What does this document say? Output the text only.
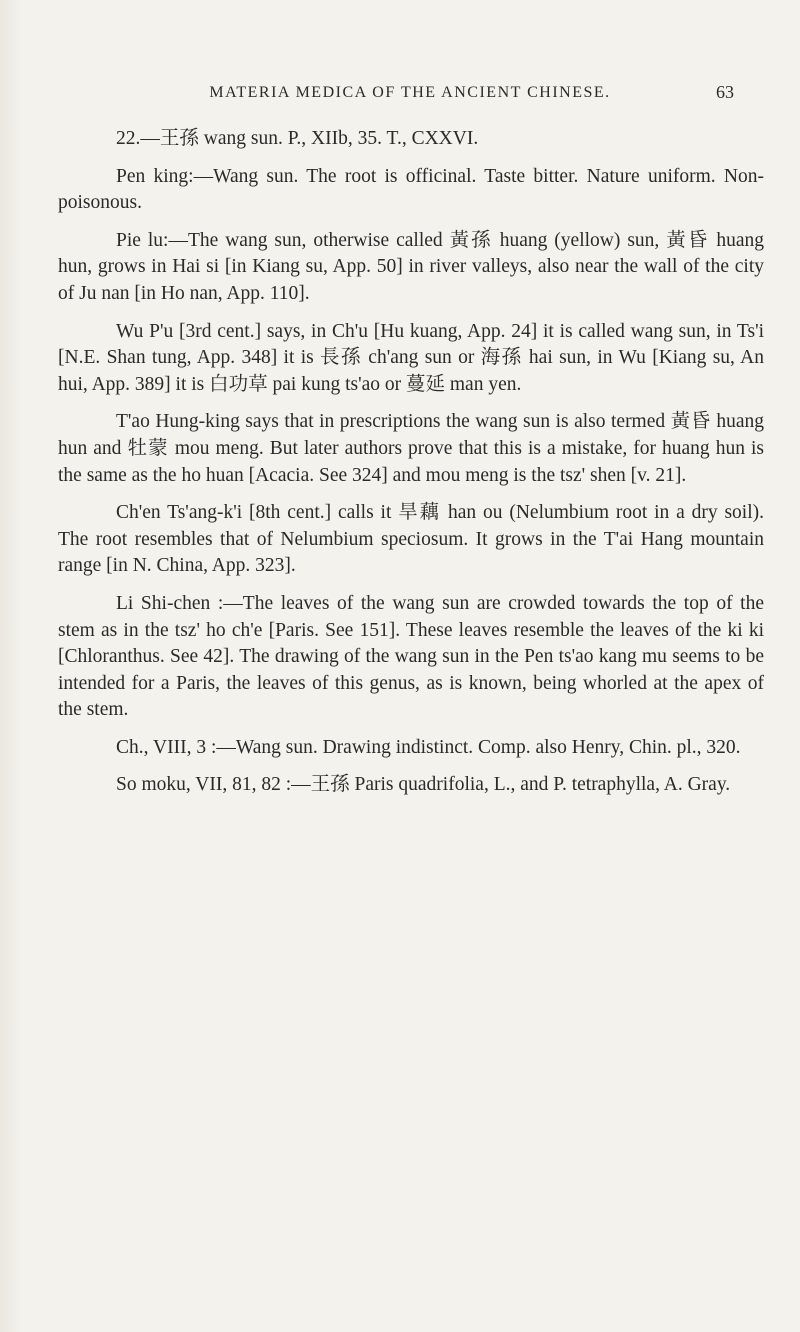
MATERIA MEDICA OF THE ANCIENT CHINESE.	63

22.—王孫 wang sun. P., XIIb, 35. T., CXXVI.

Pen king:—Wang sun. The root is officinal. Taste bitter. Nature uniform. Non-poisonous.

Pie lu:—The wang sun, otherwise called 黃孫 huang (yellow) sun, 黃昏 huang hun, grows in Hai si [in Kiang su, App. 50] in river valleys, also near the wall of the city of Ju nan [in Ho nan, App. 110].

Wu P'u [3rd cent.] says, in Ch'u [Hu kuang, App. 24] it is called wang sun, in Ts'i [N.E. Shan tung, App. 348] it is 長孫 ch'ang sun or 海孫 hai sun, in Wu [Kiang su, An hui, App. 389] it is 白功草 pai kung ts'ao or 蔓延 man yen.

T'ao Hung-king says that in prescriptions the wang sun is also termed 黃昏 huang hun and 牡蒙 mou meng. But later authors prove that this is a mistake, for huang hun is the same as the ho huan [Acacia. See 324] and mou meng is the tsz' shen [v. 21].

Ch'en Ts'ang-k'i [8th cent.] calls it 旱藕 han ou (Nelumbium root in a dry soil). The root resembles that of Nelumbium speciosum. It grows in the T'ai Hang mountain range [in N. China, App. 323].

Li Shi-chen :—The leaves of the wang sun are crowded towards the top of the stem as in the tsz' ho ch'e [Paris. See 151]. These leaves resemble the leaves of the ki ki [Chloranthus. See 42]. The drawing of the wang sun in the Pen ts'ao kang mu seems to be intended for a Paris, the leaves of this genus, as is known, being whorled at the apex of the stem.

Ch., VIII, 3 :—Wang sun. Drawing indistinct. Comp. also Henry, Chin. pl., 320.

So moku, VII, 81, 82 :—王孫 Paris quadrifolia, L., and P. tetraphylla, A. Gray.
